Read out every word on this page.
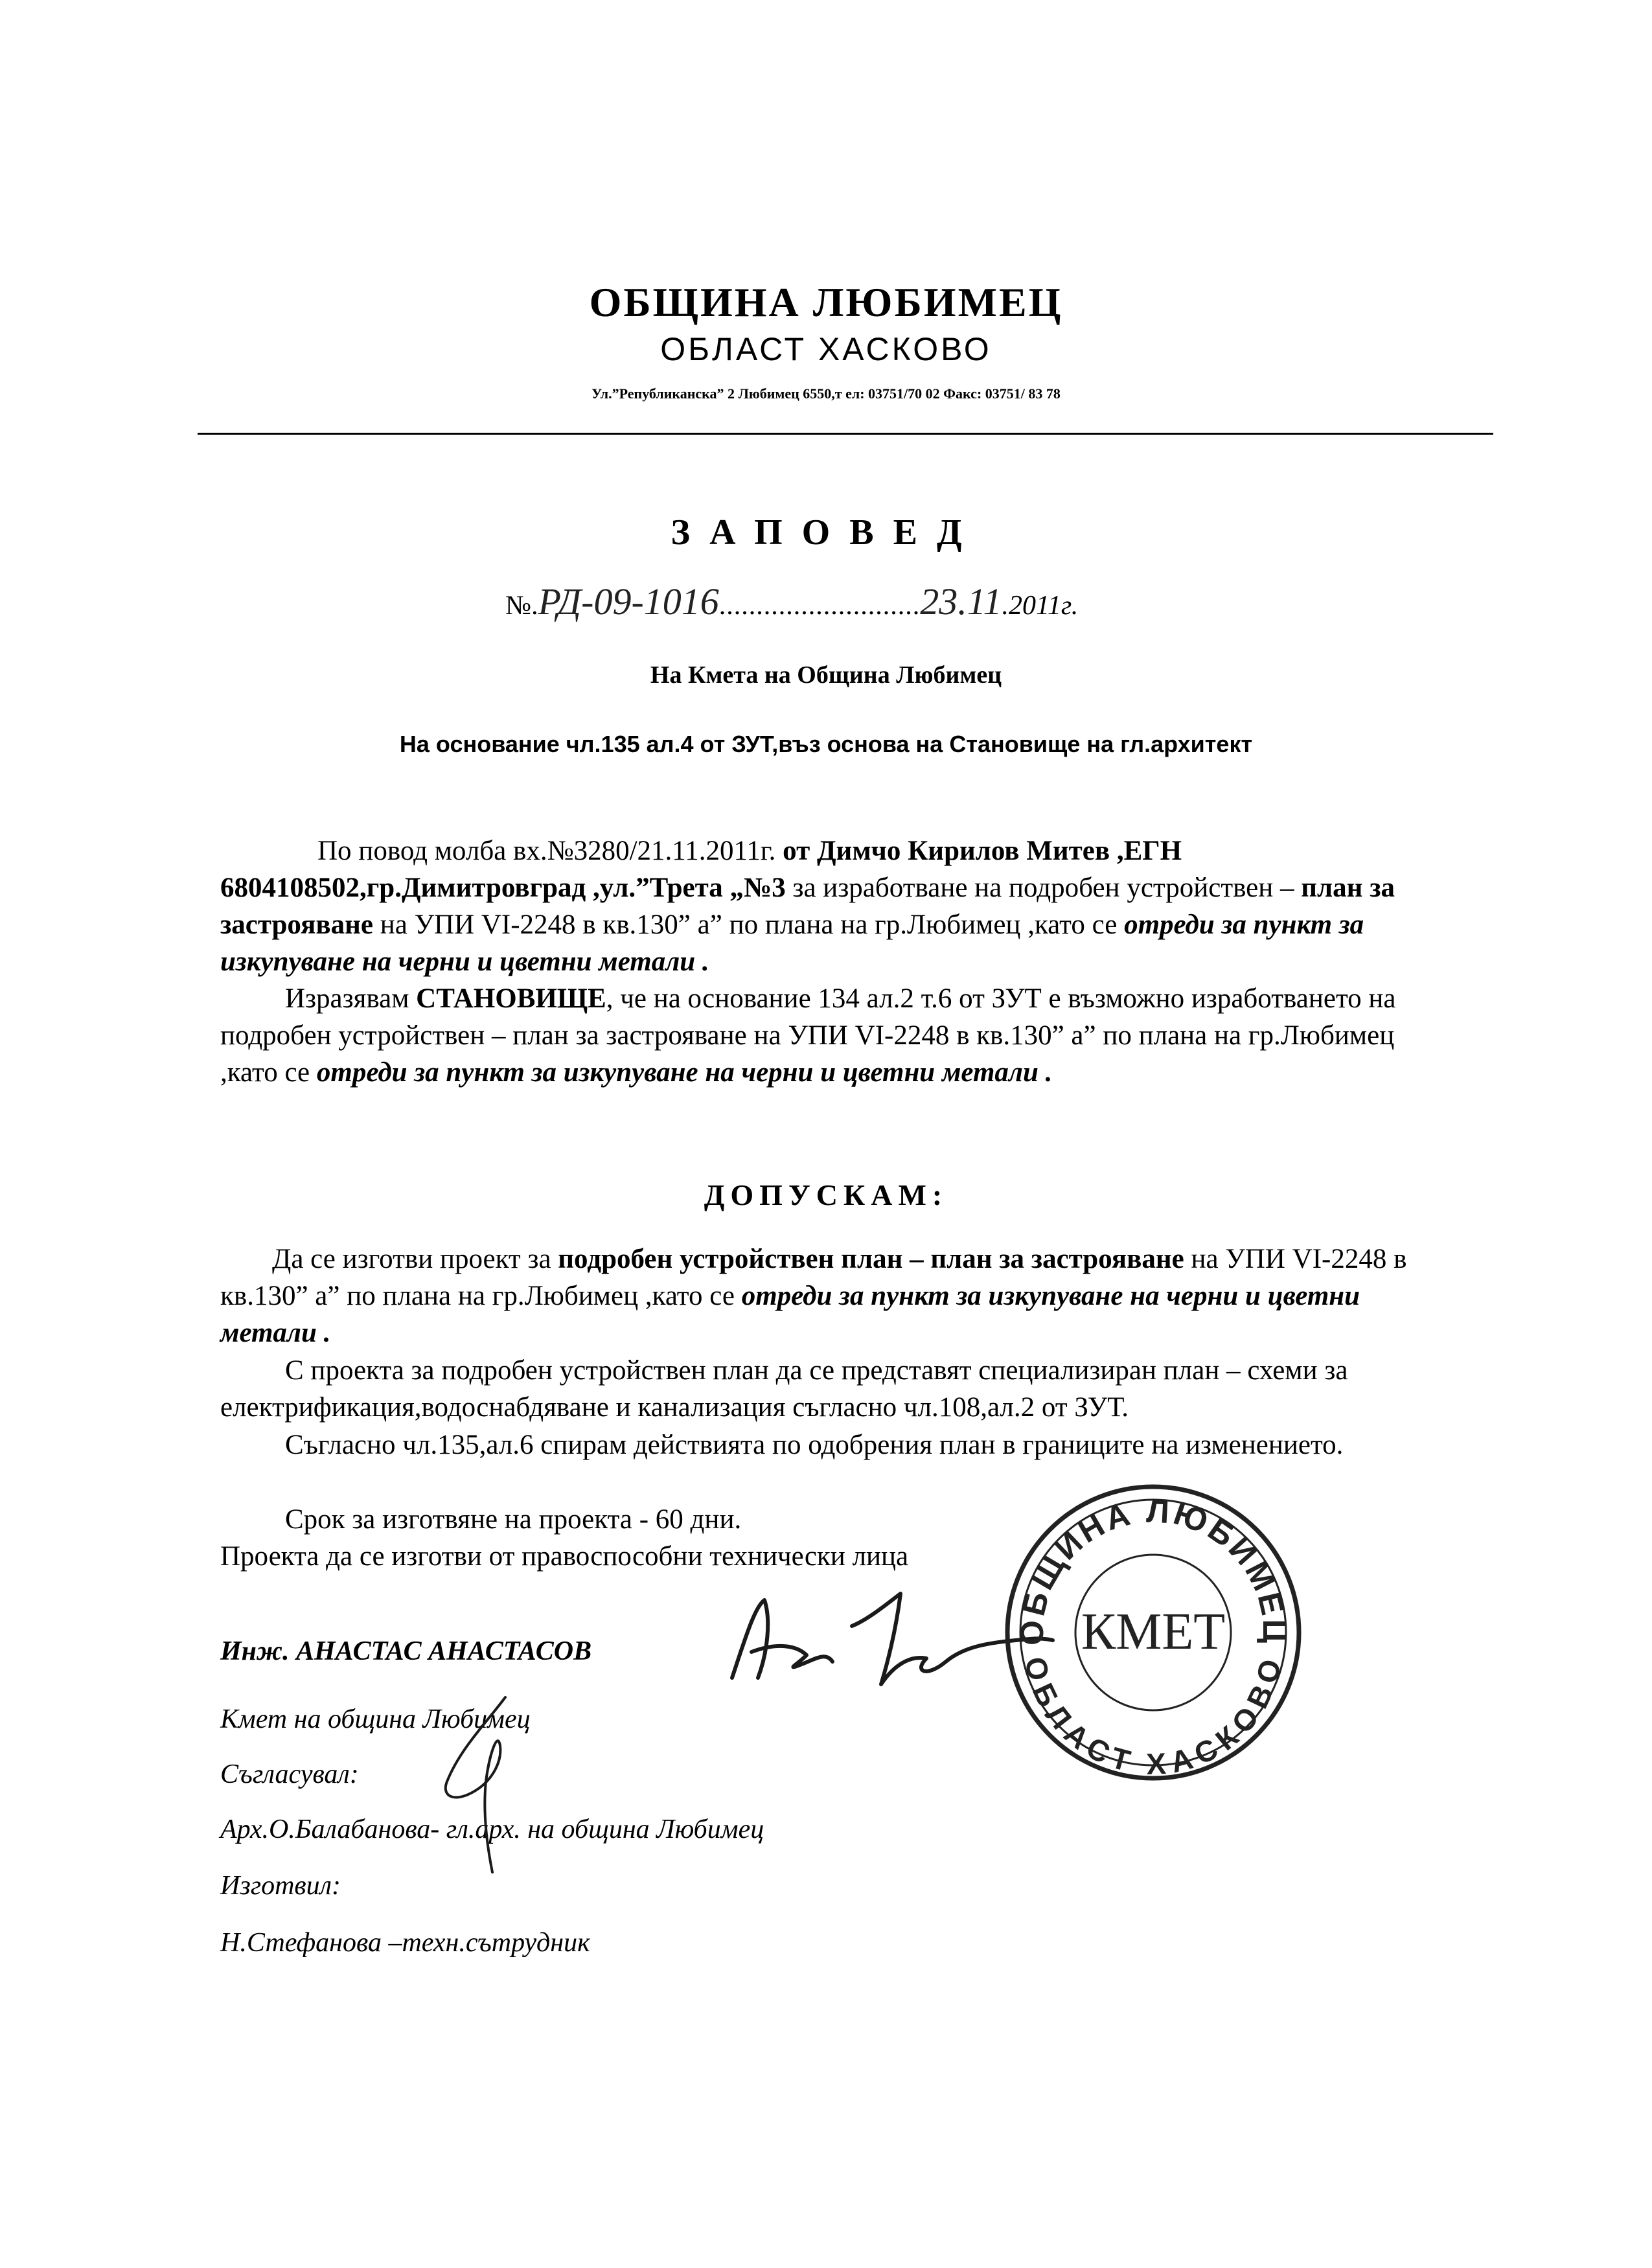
ОБЩИНА ЛЮБИМЕЦ
ОБЛАСТ ХАСКОВО
Ул.”Републиканска” 2 Любимец 6550,т ел: 03751/70 02 Факс: 03751/ 83 78
ЗАПОВЕД
№.РД-09-1016...........................23.11.2011г.
На Кмета на Община Любимец
На основание чл.135 ал.4 от ЗУТ,въз основа на Становище на гл.архитект
По повод молба вх.№3280/21.11.2011г. от Димчо Кирилов Митев ,ЕГН 6804108502,гр.Димитровград ,ул.”Трета „№3 за изработване на подробен устройствен – план за застрояване на УПИ VI-2248 в кв.130” а” по плана на гр.Любимец ,като се отреди за пункт за изкупуване на черни и цветни метали .
Изразявам СТАНОВИЩЕ, че на основание 134 ал.2 т.6 от ЗУТ е възможно изработването на подробен устройствен – план за застрояване на УПИ VI-2248 в кв.130” а” по плана на гр.Любимец ,като се отреди за пункт за изкупуване на черни и цветни метали .
ДОПУСКАМ:
Да се изготви проект за подробен устройствен план – план за застрояване на УПИ VI-2248 в кв.130” а” по плана на гр.Любимец ,като се отреди за пункт за изкупуване на черни и цветни метали .
С проекта за подробен устройствен план да се представят специализиран план – схеми за електрификация,водоснабдяване и канализация съгласно чл.108,ал.2 от ЗУТ.
Съгласно чл.135,ал.6 спирам действията по одобрения план в границите на изменението.
Срок за изготвяне на проекта - 60 дни.
Проекта да се изготви от правоспособни технически лица
Инж. АНАСТАС АНАСТАСОВ
Кмет на община Любимец
Съгласувал:
Арх.О.Балабанова- гл.арх. на община Любимец
Изготвил:
Н.Стефанова –техн.сътрудник
ОБЩИНА ЛЮБИМЕЦ
ОБЛАСТ ХАСКОВО
КМЕТ
